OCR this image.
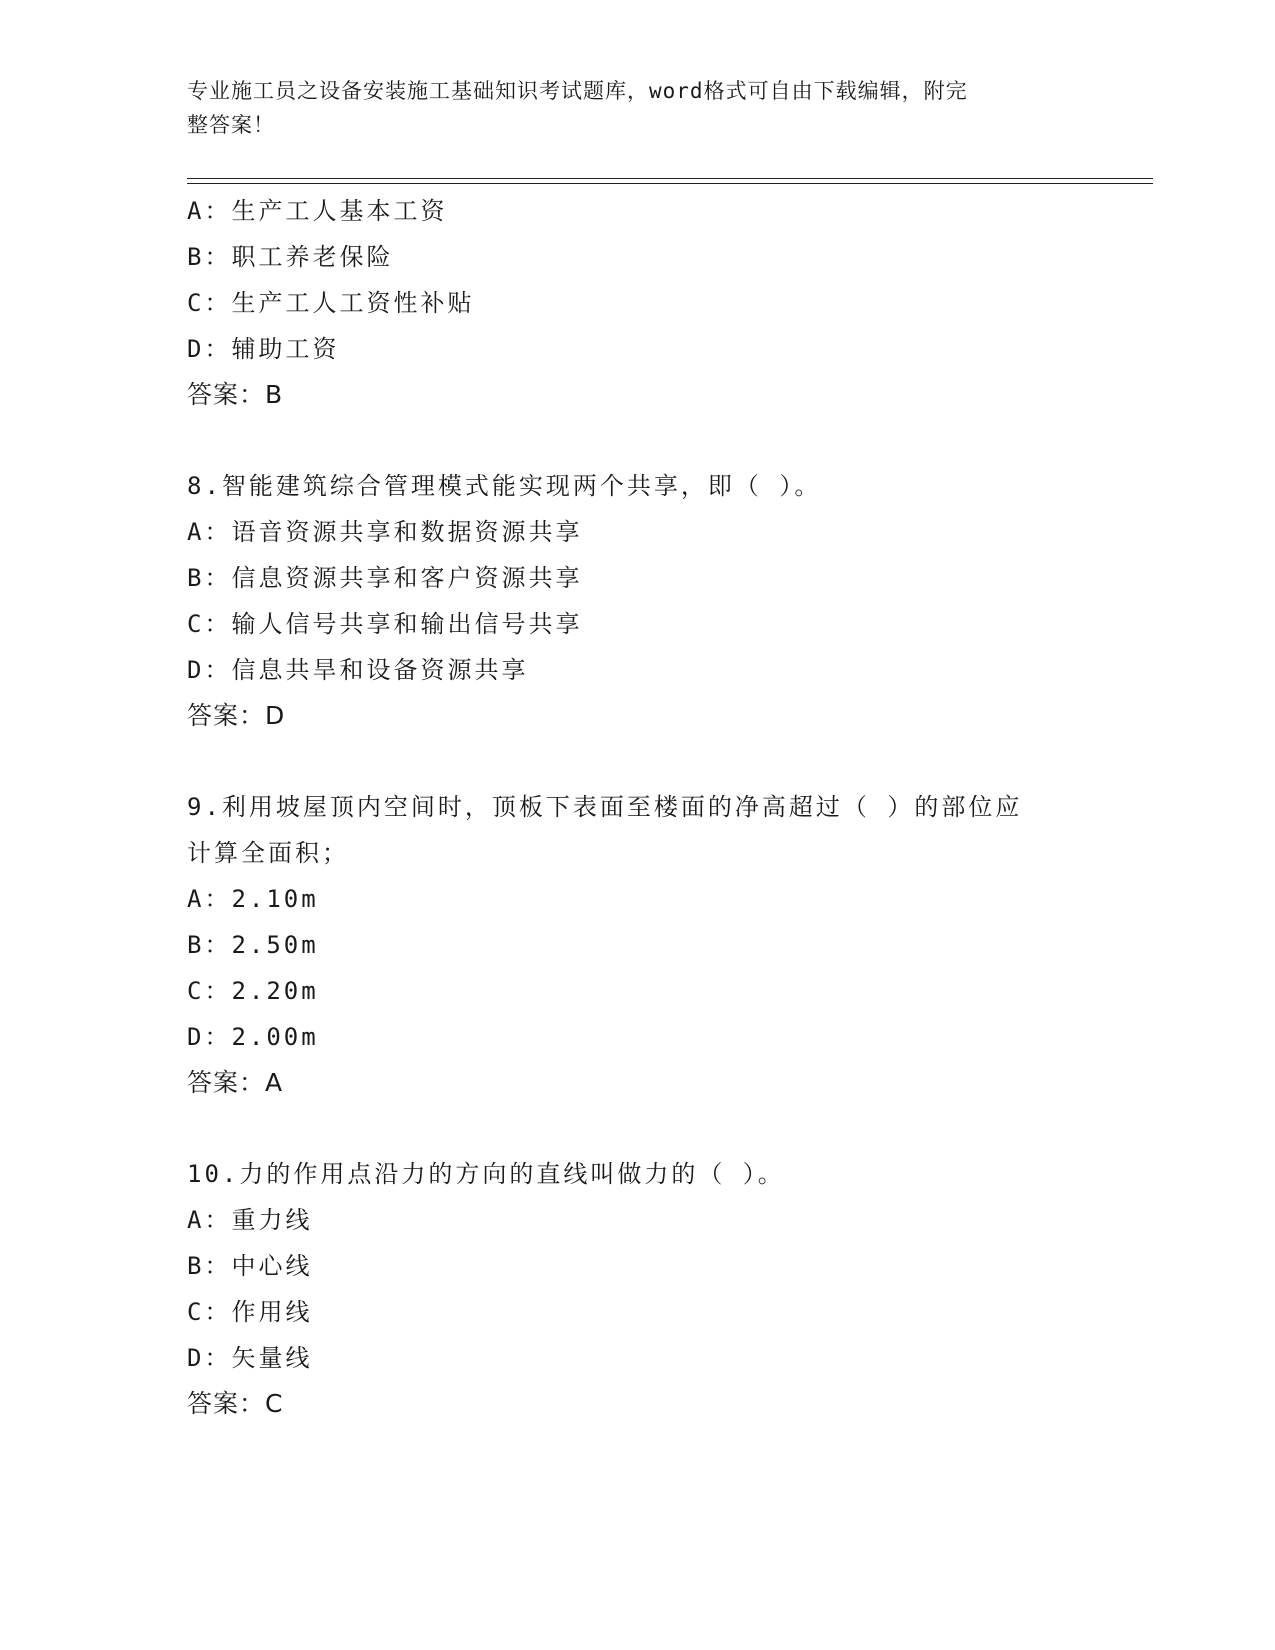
专业施工员之设备安装施工基础知识考试题库，word格式可自由下载编辑，附完
整答案！
A：生产工人基本工资
B：职工养老保险
C：生产工人工资性补贴
D：辅助工资
答案：B
8.智能建筑综合管理模式能实现两个共享，即（ ）。
A：语音资源共享和数据资源共享
B：信息资源共享和客户资源共享
C：输人信号共享和输出信号共享
D：信息共旱和设备资源共享
答案：D
9.利用坡屋顶内空间时，顶板下表面至楼面的净高超过（ ）的部位应
计算全面积；
A：2.10m
B：2.50m
C：2.20m
D：2.00m
答案：A
10.力的作用点沿力的方向的直线叫做力的（ ）。
A：重力线
B：中心线
C：作用线
D：矢量线
答案：C
